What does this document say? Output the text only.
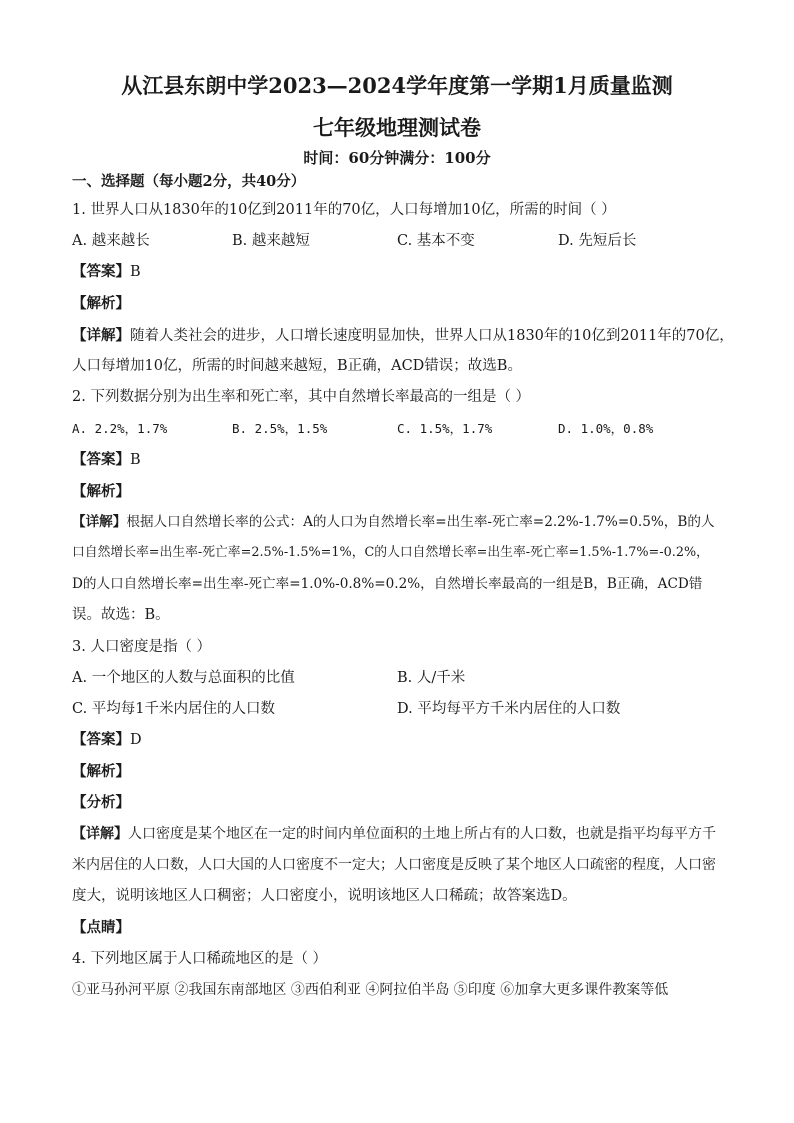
从江县东朗中学2023—2024学年度第一学期1月质量监测
七年级地理测试卷
时间：60分钟满分：100分
一、选择题（每小题2分，共40分）
1. 世界人口从1830年的10亿到2011年的70亿，人口每增加10亿，所需的时间（ ）
A. 越来越长	B. 越来越短	C. 基本不变	D. 先短后长
【答案】B
【解析】
【详解】随着人类社会的进步，人口增长速度明显加快，世界人口从1830年的10亿到2011年的70亿，
人口每增加10亿，所需的时间越来越短，B正确，ACD错误；故选B。
2. 下列数据分别为出生率和死亡率，其中自然增长率最高的一组是（ ）
A. 2.2%，1.7%	B. 2.5%，1.5%	C. 1.5%，1.7%	D. 1.0%，0.8%
【答案】B
【解析】
【详解】根据人口自然增长率的公式：A的人口为自然增长率=出生率-死亡率=2.2%-1.7%=0.5%，B的人
口自然增长率=出生率-死亡率=2.5%-1.5%=1%，C的人口自然增长率=出生率-死亡率=1.5%-1.7%=-0.2%，
D的人口自然增长率=出生率-死亡率=1.0%-0.8%=0.2%，自然增长率最高的一组是B，B正确，ACD错
误。故选：B。
3. 人口密度是指（ ）
A. 一个地区的人数与总面积的比值	B. 人/千米
C. 平均每1千米内居住的人口数	D. 平均每平方千米内居住的人口数
【答案】D
【解析】
【分析】
【详解】人口密度是某个地区在一定的时间内单位面积的土地上所占有的人口数，也就是指平均每平方千
米内居住的人口数，人口大国的人口密度不一定大；人口密度是反映了某个地区人口疏密的程度，人口密
度大，说明该地区人口稠密；人口密度小，说明该地区人口稀疏；故答案选D。
【点睛】
4. 下列地区属于人口稀疏地区的是（ ）
①亚马孙河平原 ②我国东南部地区 ③西伯利亚 ④阿拉伯半岛 ⑤印度 ⑥加拿大更多课件教案等低
